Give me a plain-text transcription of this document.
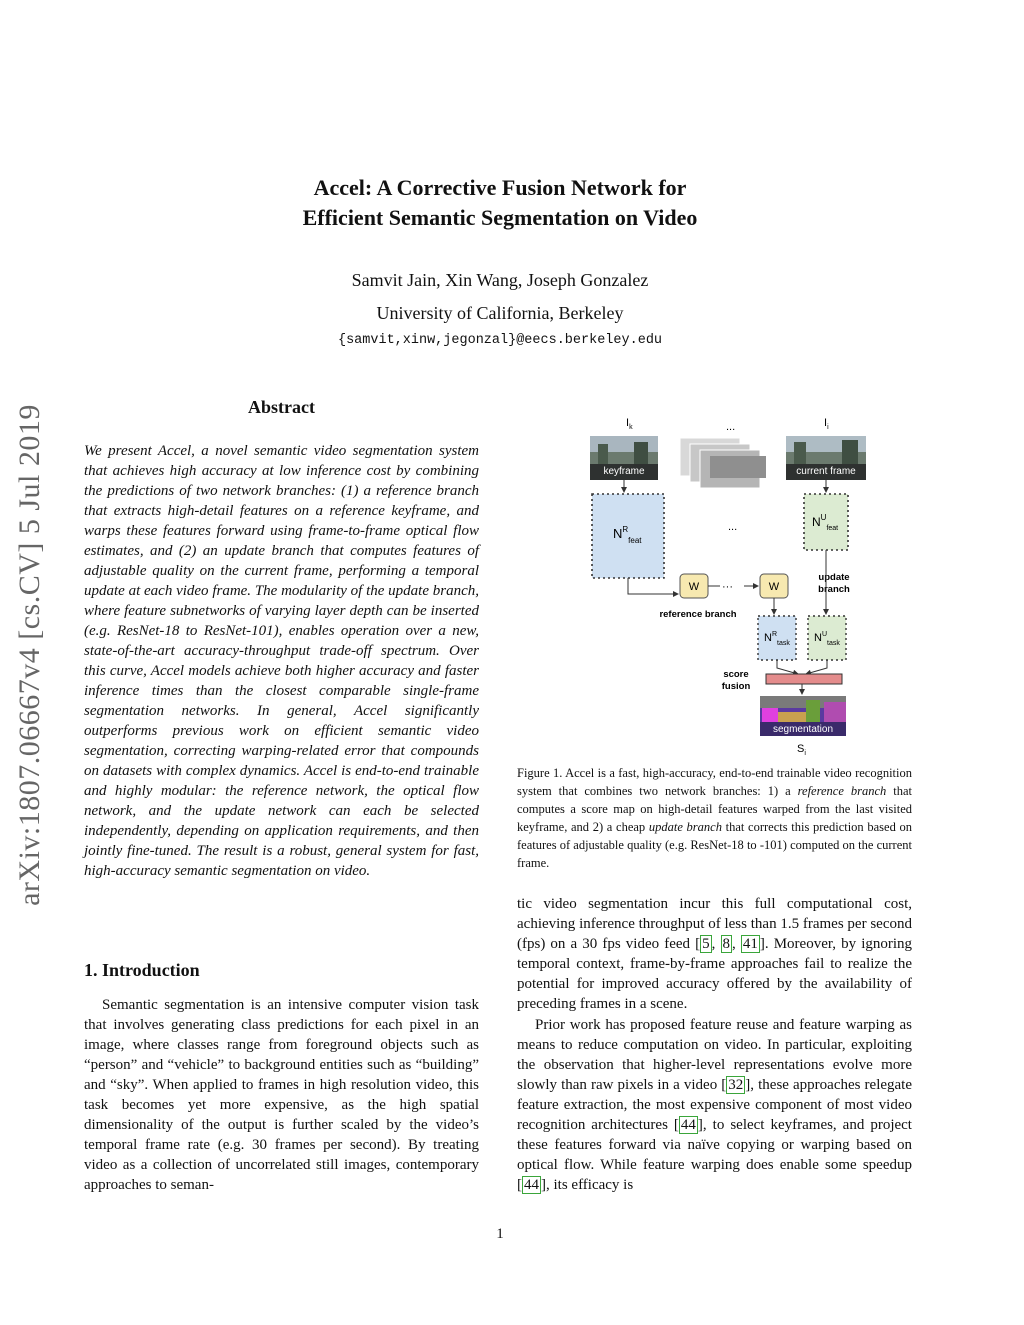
arXiv:1807.06667v4 [cs.CV] 5 Jul 2019
Accel: A Corrective Fusion Network for
Efficient Semantic Segmentation on Video
Samvit Jain, Xin Wang, Joseph Gonzalez
University of California, Berkeley
{samvit,xinw,jegonzal}@eecs.berkeley.edu
Abstract
We present Accel, a novel semantic video segmentation system that achieves high accuracy at low inference cost by combining the predictions of two network branches: (1) a reference branch that extracts high-detail features on a reference keyframe, and warps these features forward using frame-to-frame optical flow estimates, and (2) an update branch that computes features of adjustable quality on the current frame, performing a temporal update at each video frame. The modularity of the update branch, where feature subnetworks of varying layer depth can be inserted (e.g. ResNet-18 to ResNet-101), enables operation over a new, state-of-the-art accuracy-throughput trade-off spectrum. Over this curve, Accel models achieve both higher accuracy and faster inference times than the closest comparable single-frame segmentation networks. In general, Accel significantly outperforms previous work on efficient semantic video segmentation, correcting warping-related error that compounds on datasets with complex dynamics. Accel is end-to-end trainable and highly modular: the reference network, the optical flow network, and the update network can each be selected independently, depending on application requirements, and then jointly fine-tuned. The result is a robust, general system for fast, high-accuracy semantic segmentation on video.
1. Introduction
Semantic segmentation is an intensive computer vision task that involves generating class predictions for each pixel in an image, where classes range from foreground objects such as “person” and “vehicle” to background entities such as “building” and “sky”. When applied to frames in high resolution video, this task becomes yet more expensive, as the high spatial dimensionality of the output is further scaled by the video’s temporal frame rate (e.g. 30 frames per second). By treating video as a collection of uncorrelated still images, contemporary approaches to seman-
$I_k$	...	$I_i$
keyframe	current frame
$N^R_{feat}$
...	$N^U_{feat}$
W ···	W
reference branch
update
branch
$N^R_{task}$ $N^U_{task}$
score
fusion
segmentation
$S_i$
Figure 1. Accel is a fast, high-accuracy, end-to-end trainable video recognition system that combines two network branches: 1) a reference branch that computes a score map on high-detail features warped from the last visited keyframe, and 2) a cheap update branch that corrects this prediction based on features of adjustable quality (e.g. ResNet-18 to -101) computed on the current frame.
tic video segmentation incur this full computational cost, achieving inference throughput of less than 1.5 frames per second (fps) on a 30 fps video feed [ 5 , 8 , 41 ]. Moreover, by ignoring temporal context, frame-by-frame approaches fail to realize the potential for improved accuracy offered by the availability of preceding frames in a scene.
Prior work has proposed feature reuse and feature warping as means to reduce computation on video. In particular, exploiting the observation that higher-level representations evolve more slowly than raw pixels in a video [ 32 ], these approaches relegate feature extraction, the most expensive component of most video recognition architectures [ 44 ], to select keyframes, and project these features forward via naïve copying or warping based on optical flow. While feature warping does enable some speedup [ 44 ], its efficacy is
1
